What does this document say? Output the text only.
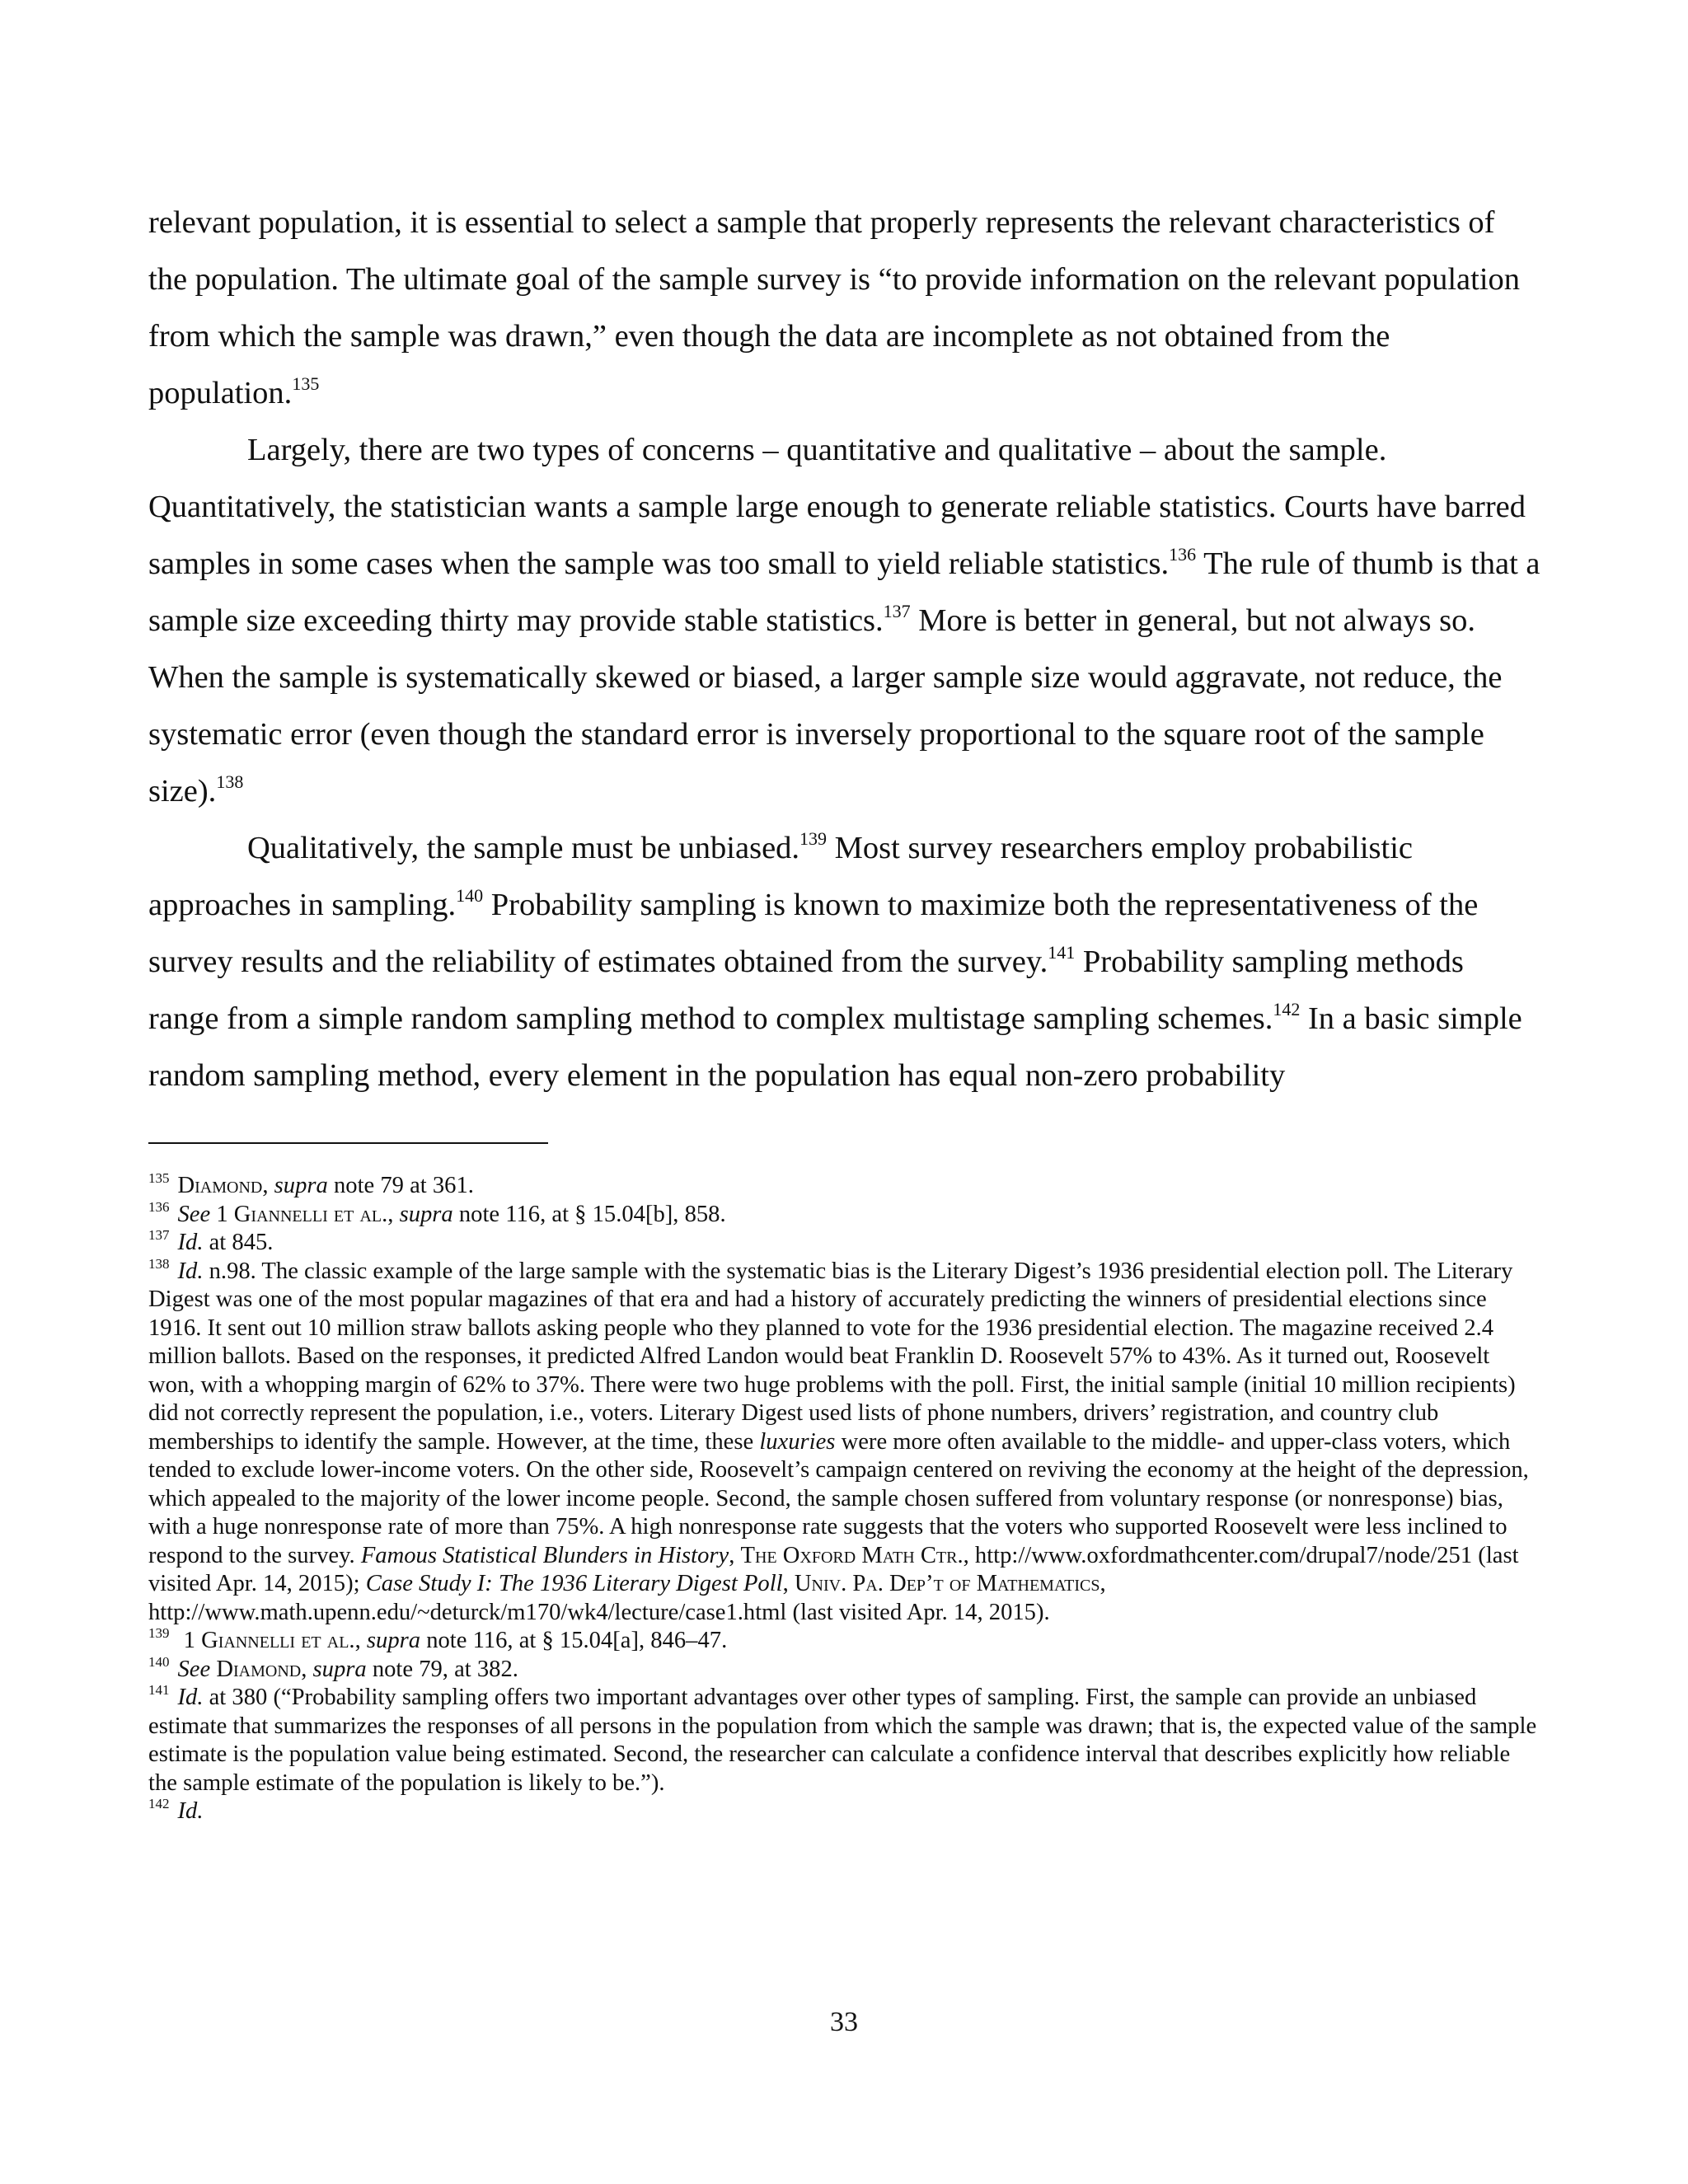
relevant population, it is essential to select a sample that properly represents the relevant characteristics of the population. The ultimate goal of the sample survey is “to provide information on the relevant population from which the sample was drawn,” even though the data are incomplete as not obtained from the population.$^{135}$

Largely, there are two types of concerns – quantitative and qualitative – about the sample. Quantitatively, the statistician wants a sample large enough to generate reliable statistics. Courts have barred samples in some cases when the sample was too small to yield reliable statistics.$^{136}$ The rule of thumb is that a sample size exceeding thirty may provide stable statistics.$^{137}$ More is better in general, but not always so. When the sample is systematically skewed or biased, a larger sample size would aggravate, not reduce, the systematic error (even though the standard error is inversely proportional to the square root of the sample size).$^{138}$

Qualitatively, the sample must be unbiased.$^{139}$ Most survey researchers employ probabilistic approaches in sampling.$^{140}$ Probability sampling is known to maximize both the representativeness of the survey results and the reliability of estimates obtained from the survey.$^{141}$ Probability sampling methods range from a simple random sampling method to complex multistage sampling schemes.$^{142}$ In a basic simple random sampling method, every element in the population has equal non-zero probability

$^{135}$ Diamond, supra note 79 at 361.

$^{136}$ See 1 Giannelli et al., supra note 116, at § 15.04[b], 858.

$^{137}$ Id. at 845.

$^{138}$ Id. n.98. The classic example of the large sample with the systematic bias is the Literary Digest’s 1936 presidential election poll. The Literary Digest was one of the most popular magazines of that era and had a history of accurately predicting the winners of presidential elections since 1916. It sent out 10 million straw ballots asking people who they planned to vote for the 1936 presidential election. The magazine received 2.4 million ballots. Based on the responses, it predicted Alfred Landon would beat Franklin D. Roosevelt 57% to 43%. As it turned out, Roosevelt won, with a whopping margin of 62% to 37%. There were two huge problems with the poll. First, the initial sample (initial 10 million recipients) did not correctly represent the population, i.e., voters. Literary Digest used lists of phone numbers, drivers’ registration, and country club memberships to identify the sample. However, at the time, these luxuries were more often available to the middle- and upper-class voters, which tended to exclude lower-income voters. On the other side, Roosevelt’s campaign centered on reviving the economy at the height of the depression, which appealed to the majority of the lower income people. Second, the sample chosen suffered from voluntary response (or nonresponse) bias, with a huge nonresponse rate of more than 75%. A high nonresponse rate suggests that the voters who supported Roosevelt were less inclined to respond to the survey. Famous Statistical Blunders in History, The Oxford Math Ctr., http://www.oxfordmathcenter.com/drupal7/node/251 (last visited Apr. 14, 2015); Case Study I: The 1936 Literary Digest Poll, Univ. Pa. Dep’t of Mathematics, http://www.math.upenn.edu/~deturck/m170/wk4/lecture/case1.html (last visited Apr. 14, 2015).

$^{139}$ 1 Giannelli et al., supra note 116, at § 15.04[a], 846–47.

$^{140}$ See Diamond, supra note 79, at 382.

$^{141}$ Id. at 380 (“Probability sampling offers two important advantages over other types of sampling. First, the sample can provide an unbiased estimate that summarizes the responses of all persons in the population from which the sample was drawn; that is, the expected value of the sample estimate is the population value being estimated. Second, the researcher can calculate a confidence interval that describes explicitly how reliable the sample estimate of the population is likely to be.”).

$^{142}$ Id.

33
